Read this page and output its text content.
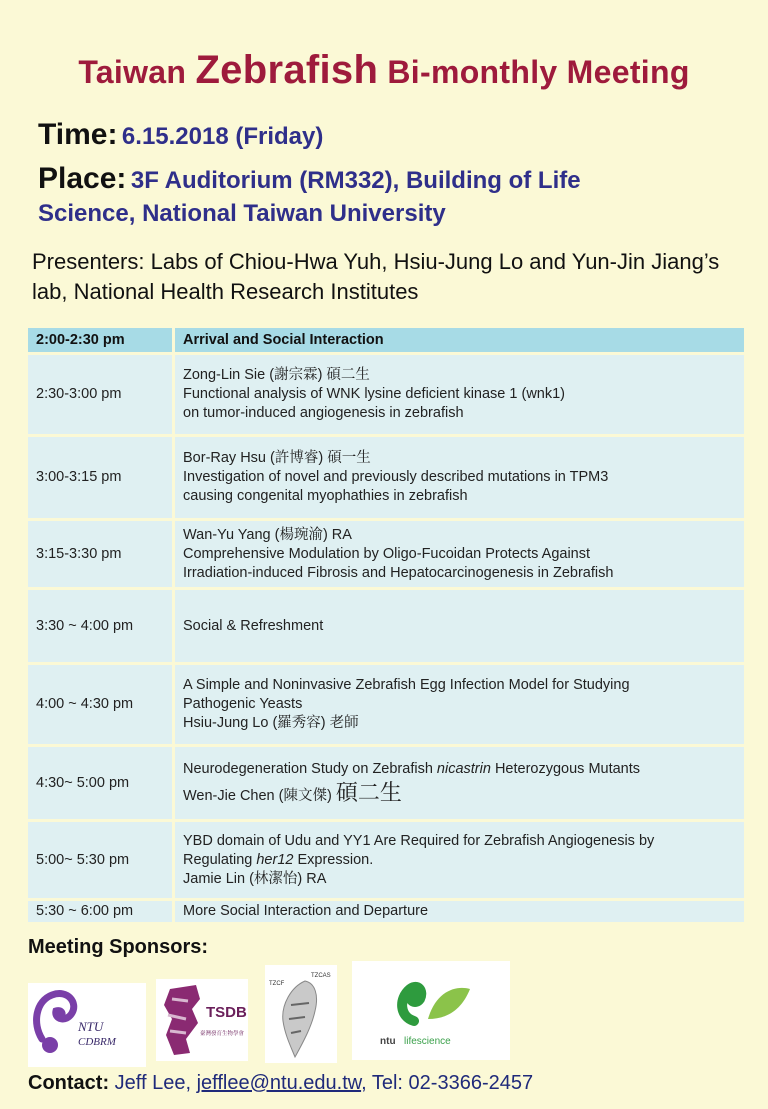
Taiwan Zebrafish Bi-monthly Meeting
Time: 6.15.2018 (Friday)
Place: 3F Auditorium (RM332), Building of Life
Science, National Taiwan University
Presenters: Labs of Chiou-Hwa Yuh, Hsiu-Jung Lo and Yun-Jin Jiang’s lab, National Health Research Institutes
2:00-2:30 pm	Arrival and Social Interaction
2:30-3:00 pm	Zong-Lin Sie (謝宗霖) 碩二生
Functional analysis of WNK lysine deficient kinase 1 (wnk1)
on tumor-induced angiogenesis in zebrafish

3:00-3:15 pm	Bor-Ray Hsu (許博睿) 碩一生
Investigation of novel and previously described mutations in TPM3
causing congenital myophathies in zebrafish

3:15-3:30 pm	Wan-Yu Yang (楊琬渝) RA
Comprehensive Modulation by Oligo-Fucoidan Protects Against
Irradiation-induced Fibrosis and Hepatocarcinogenesis in Zebrafish

3:30 ~ 4:00 pm	Social & Refreshment
4:00 ~ 4:30 pm	A Simple and Noninvasive Zebrafish Egg Infection Model for Studying
Pathogenic Yeasts
Hsiu-Jung Lo (羅秀容) 老師

4:30~ 5:00 pm	Neurodegeneration Study on Zebrafish nicastrin Heterozygous Mutants
Wen-Jie Chen (陳文傑) 碩二生

5:00~ 5:30 pm	YBD domain of Udu and YY1 Are Required for Zebrafish Angiogenesis by
Regulating her12 Expression.
Jamie Lin (林潔怡) RA

5:30 ~ 6:00 pm	More Social Interaction and Departure
Meeting Sponsors:
NTU
CDBRM
TSDB
臺灣發育生物學會
TZCF
TZCAS
ntu lifescience
Contact: Jeff Lee, jefflee@ntu.edu.tw, Tel: 02-3366-2457
